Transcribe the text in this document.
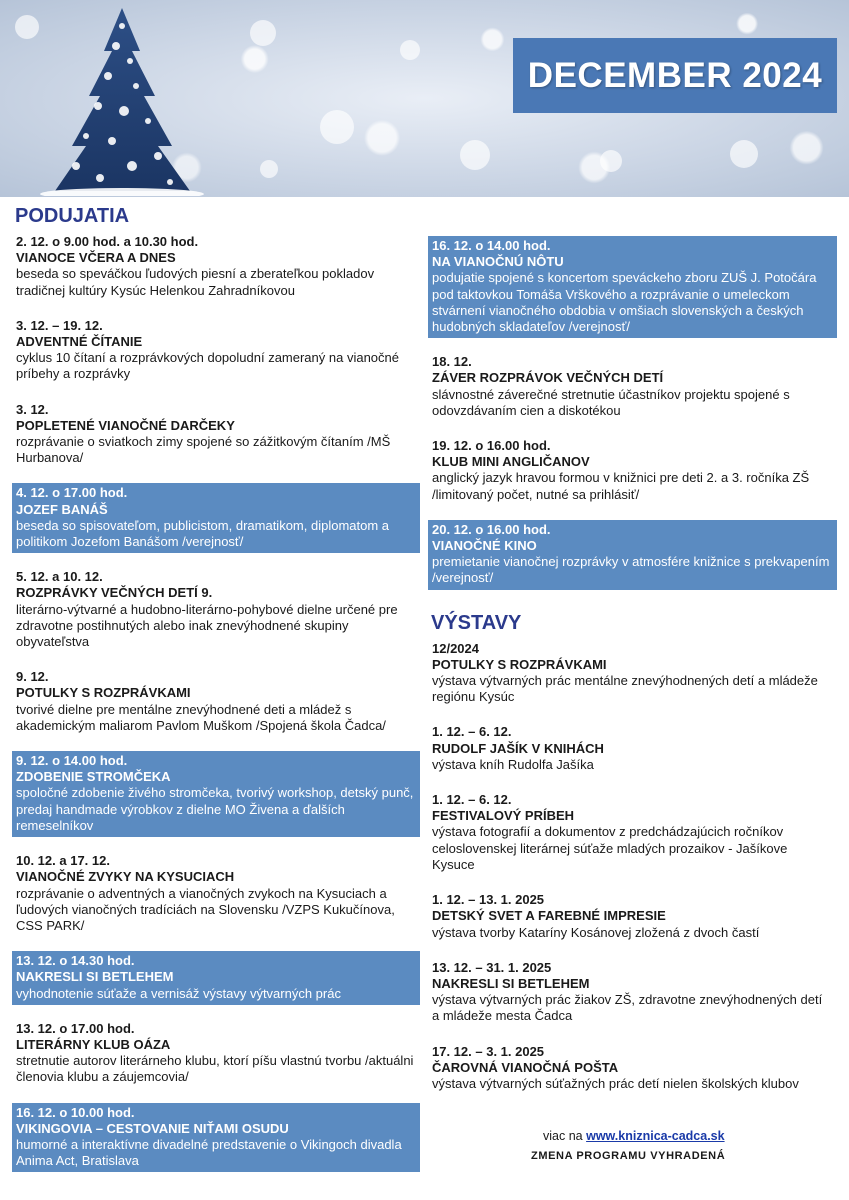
DECEMBER 2024
PODUJATIA
2. 12. o 9.00 hod. a 10.30 hod.
VIANOCE VČERA A DNES
beseda so speváčkou ľudových piesní a zberateľkou pokladov tradičnej kultúry Kysúc Helenkou Zahradníkovou
3. 12. – 19. 12.
ADVENTNÉ ČÍTANIE
cyklus 10 čítaní a rozprávkových dopoludní zameraný na vianočné príbehy a rozprávky
3. 12.
POPLETENÉ VIANOČNÉ DARČEKY
rozprávanie o sviatkoch zimy spojené so zážitkovým čítaním /MŠ Hurbanova/
4. 12. o 17.00 hod.
JOZEF BANÁŠ
beseda so spisovateľom, publicistom, dramatikom, diplomatom a politikom Jozefom Banášom /verejnosť/
5. 12. a 10. 12.
ROZPRÁVKY VEČNÝCH DETÍ 9.
literárno-výtvarné a hudobno-literárno-pohybové dielne určené pre zdravotne postihnutých alebo inak znevýhodnené skupiny obyvateľstva
9. 12.
POTULKY S ROZPRÁVKAMI
tvorivé dielne pre mentálne znevýhodnené deti a mládež s akademickým maliarom Pavlom Muškom /Spojená škola Čadca/
9. 12. o 14.00 hod.
ZDOBENIE STROMČEKA
spoločné zdobenie živého stromčeka, tvorivý workshop, detský punč, predaj handmade výrobkov z dielne MO Živena a ďalších remeselníkov
10. 12. a 17. 12.
VIANOČNÉ ZVYKY NA KYSUCIACH
rozprávanie o adventných a vianočných zvykoch na Kysuciach a ľudových vianočných tradíciách na Slovensku /VZPS Kukučínova, CSS PARK/
13. 12. o 14.30 hod.
NAKRESLI SI BETLEHEM
vyhodnotenie súťaže a vernisáž výstavy výtvarných prác
13. 12. o 17.00 hod.
LITERÁRNY KLUB OÁZA
stretnutie autorov literárneho klubu, ktorí píšu vlastnú tvorbu /aktuálni členovia klubu a záujemcovia/
16. 12. o 10.00 hod.
VIKINGOVIA – CESTOVANIE NIŤAMI OSUDU
humorné a interaktívne divadelné predstavenie o Vikingoch divadla Anima Act, Bratislava
16. 12. o 14.00 hod.
NA VIANOČNÚ NÔTU
podujatie spojené s koncertom speváckeho zboru ZUŠ J. Potočára pod taktovkou Tomáša Vrškového a rozprávanie o umeleckom stvárnení vianočného obdobia v omšiach slovenských a českých hudobných skladateľov /verejnosť/
18. 12.
ZÁVER ROZPRÁVOK VEČNÝCH DETÍ
slávnostné záverečné stretnutie účastníkov projektu spojené s odovzdávaním cien a diskotékou
19. 12. o 16.00 hod.
KLUB MINI ANGLIČANOV
anglický jazyk hravou formou v knižnici pre deti 2. a 3. ročníka ZŠ /limitovaný počet, nutné sa prihlásiť/
20. 12. o 16.00 hod.
VIANOČNÉ KINO
premietanie vianočnej rozprávky v atmosfére knižnice s prekvapením /verejnosť/
VÝSTAVY
12/2024
POTULKY S ROZPRÁVKAMI
výstava výtvarných prác mentálne znevýhodnených detí a mládeže regiónu Kysúc
1. 12. – 6. 12.
RUDOLF JAŠÍK V KNIHÁCH
výstava kníh Rudolfa Jašíka
1. 12. – 6. 12.
FESTIVALOVÝ PRÍBEH
výstava fotografií a dokumentov z predchádzajúcich ročníkov celoslovenskej literárnej súťaže mladých prozaikov - Jašíkove Kysuce
1. 12. – 13. 1. 2025
DETSKÝ SVET A FAREBNÉ IMPRESIE
výstava tvorby Kataríny Kosánovej zložená z dvoch častí
13. 12. – 31. 1. 2025
NAKRESLI SI BETLEHEM
výstava výtvarných prác žiakov ZŠ, zdravotne znevýhodnených detí a mládeže mesta Čadca
17. 12. – 3. 1. 2025
ČAROVNÁ VIANOČNÁ POŠTA
výstava výtvarných súťažných prác detí nielen školských klubov
viac na www.kniznica-cadca.sk
ZMENA PROGRAMU VYHRADENÁ
